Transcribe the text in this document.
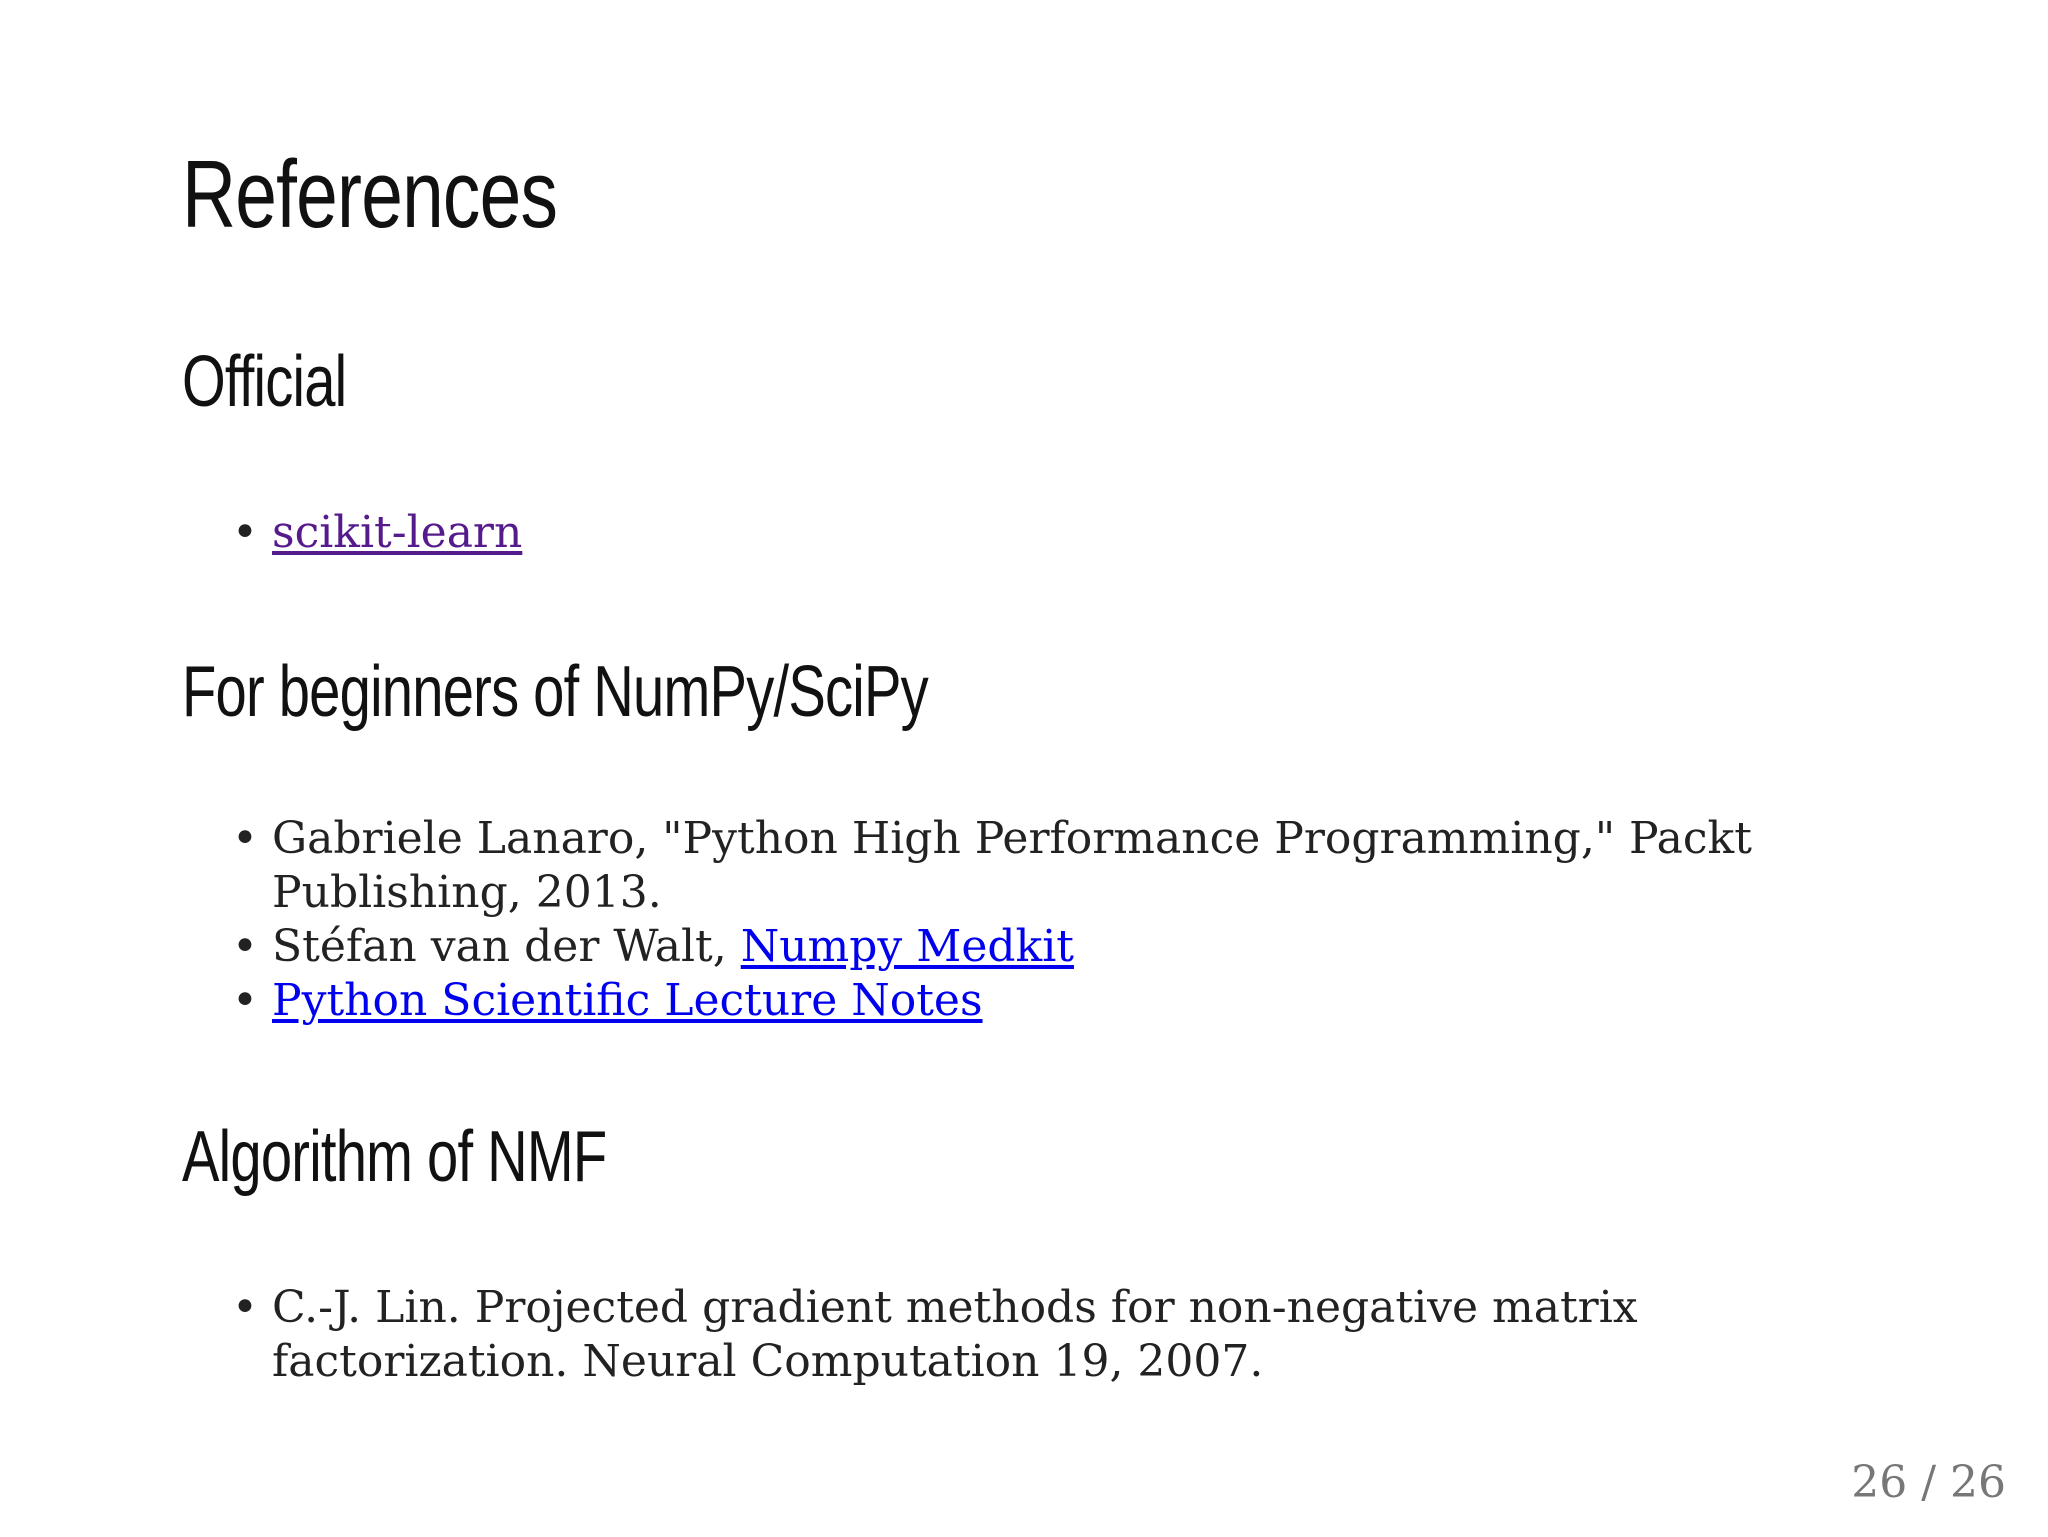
References
Official
• scikit-learn
For beginners of NumPy/SciPy
• Gabriele Lanaro, "Python High Performance Programming," Packt Publishing, 2013.
• Stéfan van der Walt, Numpy Medkit
• Python Scientific Lecture Notes
Algorithm of NMF
• C.-J. Lin. Projected gradient methods for non-negative matrix factorization. Neural Computation 19, 2007.
26 / 26
